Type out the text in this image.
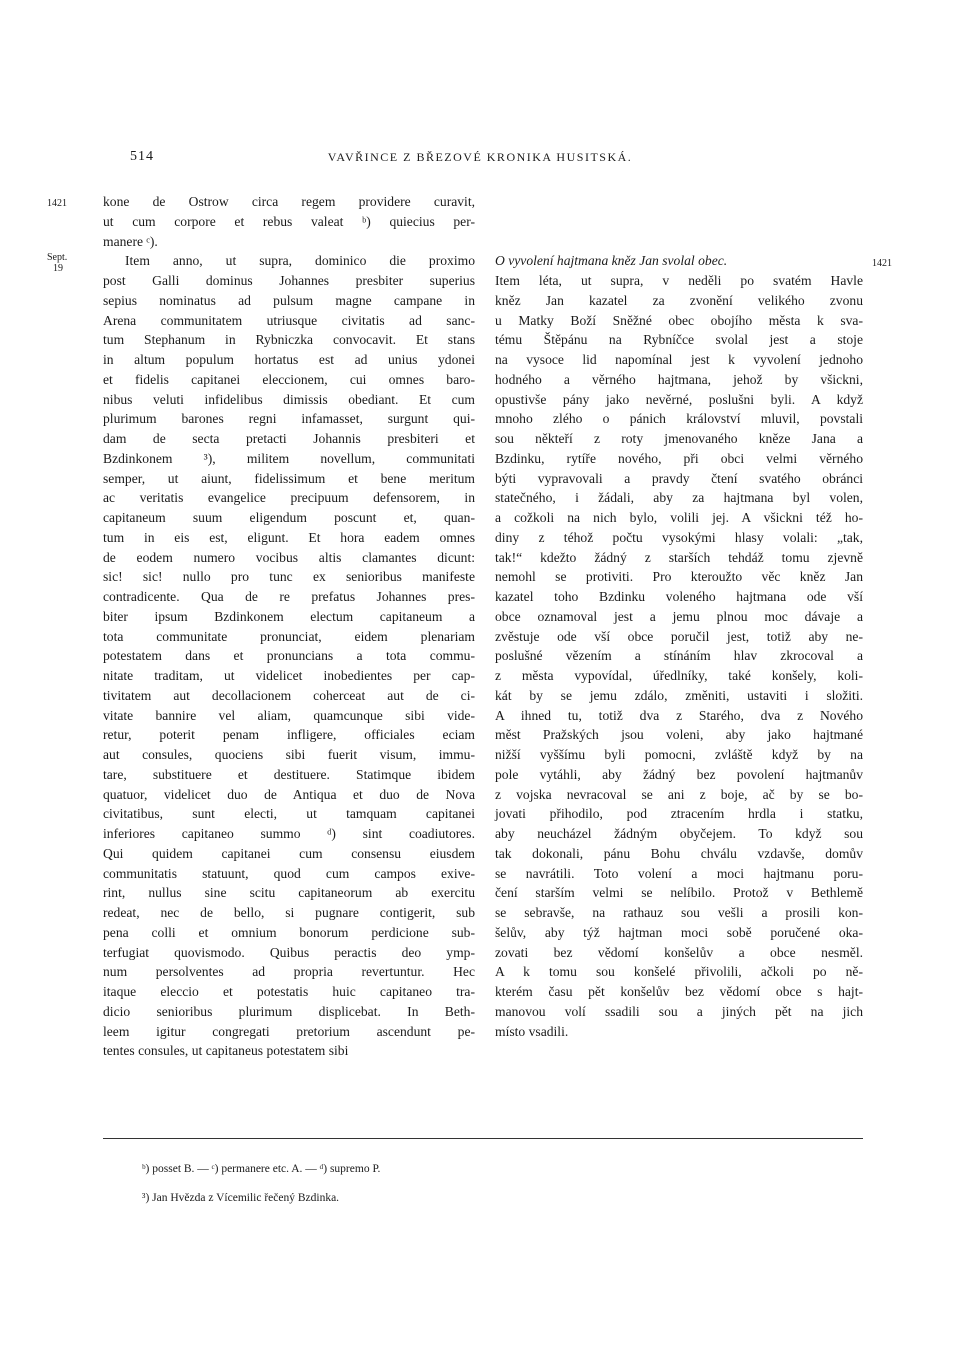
514	VAVŘINCE Z BŘEZOVÉ KRONIKA HUSITSKÁ.
1421
Sept.
19	1421
kone de Ostrow circa regem providere curavit,
ut cum corpore et rebus valeat ᵇ) quiecius per-
manere ᶜ).
Item anno, ut supra, dominico die proximo
post Galli dominus Johannes presbiter superius
sepius nominatus ad pulsum magne campane in
Arena communitatem utriusque civitatis ad sanc-
tum Stephanum in Rybniczka convocavit. Et stans
in altum populum hortatus est ad unius ydonei
et fidelis capitanei eleccionem, cui omnes baro-
nibus veluti infidelibus dimissis obediant. Et cum
plurimum barones regni infamasset, surgunt qui-
dam de secta pretacti Johannis presbiteri et
Bzdinkonem ³), militem novellum, communitati
semper, ut aiunt, fidelissimum et bene meritum
ac veritatis evangelice precipuum defensorem, in
capitaneum suum eligendum poscunt et, quan-
tum in eis est, eligunt. Et hora eadem omnes
de eodem numero vocibus altis clamantes dicunt:
sic! sic! nullo pro tunc ex senioribus manifeste
contradicente. Qua de re prefatus Johannes pres-
biter ipsum Bzdinkonem electum capitaneum a
tota communitate pronunciat, eidem plenariam
potestatem dans et pronuncians a tota commu-
nitate traditam, ut videlicet inobedientes per cap-
tivitatem aut decollacionem coherceat aut de ci-
vitate bannire vel aliam, quamcunque sibi vide-
retur, poterit penam infligere, officiales eciam
aut consules, quociens sibi fuerit visum, immu-
tare, substituere et destituere. Statimque ibidem
quatuor, videlicet duo de Antiqua et duo de Nova
civitatibus, sunt electi, ut tamquam capitanei
inferiores capitaneo summo ᵈ) sint coadiutores.
Qui quidem capitanei cum consensu eiusdem
communitatis statuunt, quod cum campos exive-
rint, nullus sine scitu capitaneorum ab exercitu
redeat, nec de bello, si pugnare contigerit, sub
pena colli et omnium bonorum perdicione sub-
terfugiat quovismodo. Quibus peractis deo ymp-
num persolventes ad propria revertuntur. Hec
itaque eleccio et potestatis huic capitaneo tra-
dicio senioribus plurimum displicebat. In Beth-
leem igitur congregati pretorium ascendunt pe-
tentes consules, ut capitaneus potestatem sibi
O vyvolení hajtmana kněz Jan svolal obec.
Item léta, ut supra, v neděli po svatém Havle
kněz Jan kazatel za zvonění velikého zvonu
u Matky Boží Sněžné obec obojího města k sva-
tému Štěpánu na Rybníčce svolal jest a stoje
na vysoce lid napomínal jest k vyvolení jednoho
hodného a věrného hajtmana, jehož by všickni,
opustivše pány jako nevěrné, poslušni byli. A když
mnoho zlého o pánich království mluvil, povstali
sou někteří z roty jmenovaného kněze Jana a
Bzdinku, rytíře nového, při obci velmi věrného
býti vypravovali a pravdy čtení svatého obránci
statečného, i žádali, aby za hajtmana byl volen,
a cožkoli na nich bylo, volili jej. A všickni též ho-
diny z téhož počtu vysokými hlasy volali: „tak,
tak!“ kdežto žádný z starších tehdáž tomu zjevně
nemohl se protiviti. Pro kteroužto věc kněz Jan
kazatel toho Bzdinku voleného hajtmana ode vší
obce oznamoval jest a jemu plnou moc dávaje a
zvěstuje ode vší obce poručil jest, totiž aby ne-
poslušné vězením a stínáním hlav zkrocoval a
z města vypovídal, úředlníky, také konšely, koli-
kát by se jemu zdálo, změniti, ustaviti i složiti.
A ihned tu, totiž dva z Starého, dva z Nového
měst Pražských jsou voleni, aby jako hajtmané
nižší vyššímu byli pomocni, zvláště když by na
pole vytáhli, aby žádný bez povolení hajtmanův
z vojska nevracoval se ani z boje, ač by se bo-
jovati přihodilo, pod ztracením hrdla i statku,
aby neucházel žádným obyčejem. To když sou
tak dokonali, pánu Bohu chválu vzdavše, domův
se navrátili. Toto volení a moci hajtmanu poru-
čení starším velmi se nelíbilo. Protož v Bethlemě
se sebravše, na rathauz sou vešli a prosili kon-
šelův, aby týž hajtman moci sobě poručené oka-
zovati bez vědomí konšelův a obce nesměl.
A k tomu sou konšelé přivolili, ačkoli po ně-
kterém času pět konšelův bez vědomí obce s hajt-
manovou volí ssadili sou a jiných pět na jich
místo vsadili.
ᵇ) posset B. — ᶜ) permanere etc. A. — ᵈ) supremo P.
³) Jan Hvězda z Vícemilic řečený Bzdinka.
